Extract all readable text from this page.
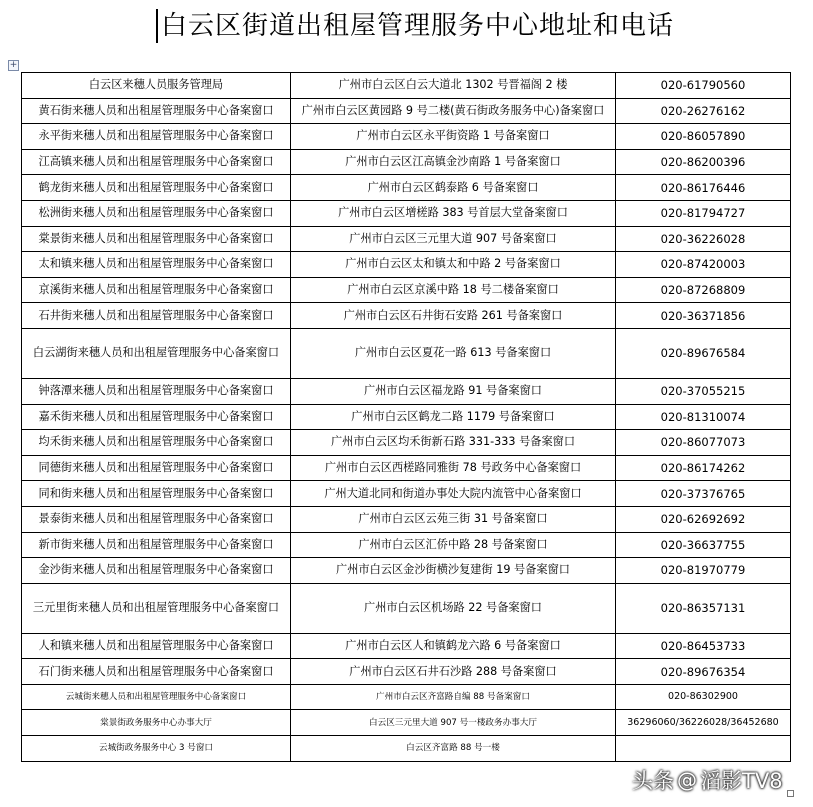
白云区街道出租屋管理服务中心地址和电话
+
白云区来穗人员服务管理局	广州市白云区白云大道北 1302 号晋福阁 2 楼	020-61790560
黄石街来穗人员和出租屋管理服务中心备案窗口	广州市白云区黄园路 9 号二楼(黄石街政务服务中心)备案窗口	020-26276162
永平街来穗人员和出租屋管理服务中心备案窗口	广州市白云区永平街资路 1 号备案窗口	020-86057890
江高镇来穗人员和出租屋管理服务中心备案窗口	广州市白云区江高镇金沙南路 1 号备案窗口	020-86200396
鹤龙街来穗人员和出租屋管理服务中心备案窗口	广州市白云区鹤泰路 6 号备案窗口	020-86176446
松洲街来穗人员和出租屋管理服务中心备案窗口	广州市白云区增槎路 383 号首层大堂备案窗口	020-81794727
棠景街来穗人员和出租屋管理服务中心备案窗口	广州市白云区三元里大道 907 号备案窗口	020-36226028
太和镇来穗人员和出租屋管理服务中心备案窗口	广州市白云区太和镇太和中路 2 号备案窗口	020-87420003
京溪街来穗人员和出租屋管理服务中心备案窗口	广州市白云区京溪中路 18 号二楼备案窗口	020-87268809
石井街来穗人员和出租屋管理服务中心备案窗口	广州市白云区石井街石安路 261 号备案窗口	020-36371856
白云湖街来穗人员和出租屋管理服务中心备案窗口	广州市白云区夏花一路 613 号备案窗口	020-89676584
钟落潭来穗人员和出租屋管理服务中心备案窗口	广州市白云区福龙路 91 号备案窗口	020-37055215
嘉禾街来穗人员和出租屋管理服务中心备案窗口	广州市白云区鹤龙二路 1179 号备案窗口	020-81310074
均禾街来穗人员和出租屋管理服务中心备案窗口	广州市白云区均禾街新石路 331-333 号备案窗口	020-86077073
同德街来穗人员和出租屋管理服务中心备案窗口	广州市白云区西槎路同雅街 78 号政务中心备案窗口	020-86174262
同和街来穗人员和出租屋管理服务中心备案窗口	广州大道北同和街道办事处大院内流管中心备案窗口	020-37376765
景泰街来穗人员和出租屋管理服务中心备案窗口	广州市白云区云苑三街 31 号备案窗口	020-62692692
新市街来穗人员和出租屋管理服务中心备案窗口	广州市白云区汇侨中路 28 号备案窗口	020-36637755
金沙街来穗人员和出租屋管理服务中心备案窗口	广州市白云区金沙街横沙复建街 19 号备案窗口	020-81970779
三元里街来穗人员和出租屋管理服务中心备案窗口	广州市白云区机场路 22 号备案窗口	020-86357131
人和镇来穗人员和出租屋管理服务中心备案窗口	广州市白云区人和镇鹤龙六路 6 号备案窗口	020-86453733
石门街来穗人员和出租屋管理服务中心备案窗口	广州市白云区石井石沙路 288 号备案窗口	020-89676354
云城街来穗人员和出租屋管理服务中心备案窗口	广州市白云区齐富路自编 88 号备案窗口	020-86302900
棠景街政务服务中心办事大厅	白云区三元里大道 907 号一楼政务办事大厅	36296060/36226028/36452680
云城街政务服务中心 3 号窗口	白云区齐富路 88 号一楼	
头条 @ 滔影TV8
